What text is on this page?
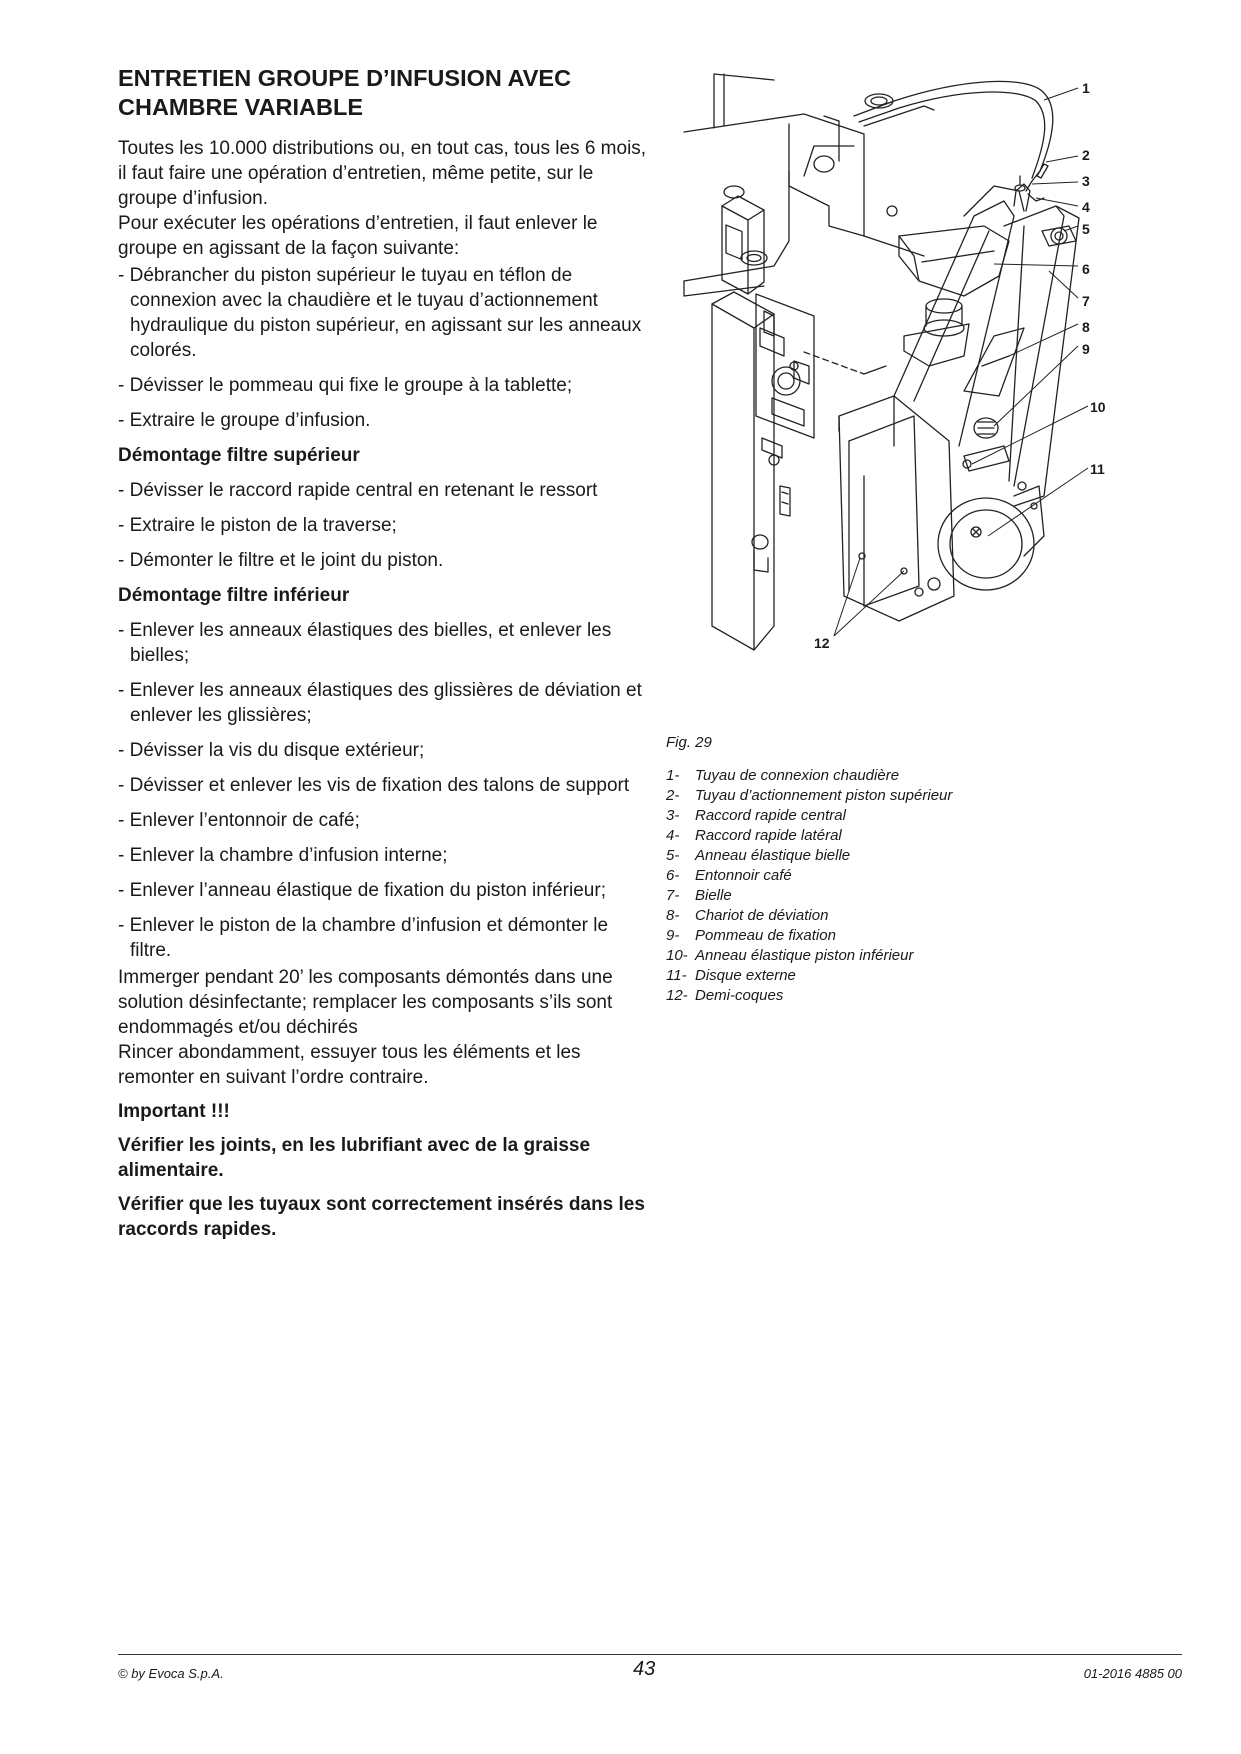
ENTRETIEN GROUPE D’INFUSION AVEC CHAMBRE VARIABLE

Toutes les 10.000 distributions ou, en tout cas, tous les 6 mois, il faut faire une opération d’entretien, même petite, sur le groupe d’infusion.

Pour exécuter les opérations d’entretien, il faut enlever le groupe en agissant de la façon suivante:

- Débrancher du piston supérieur le tuyau en téflon de connexion avec la chaudière et le tuyau d’actionnement hydraulique du piston supérieur, en agissant sur les anneaux colorés.
- Dévisser le pommeau qui fixe le groupe à la tablette;
- Extraire le groupe d’infusion.
Démontage filtre supérieur
- Dévisser le raccord rapide central en retenant le ressort
- Extraire le piston de la traverse;
- Démonter le filtre et le joint du piston.
Démontage filtre inférieur
- Enlever les anneaux élastiques des bielles, et enlever les bielles;
- Enlever les anneaux élastiques des glissières de déviation et enlever les glissières;
- Dévisser la vis du disque extérieur;
- Dévisser et enlever les vis de fixation des talons de support
- Enlever l’entonnoir de café;
- Enlever la chambre d’infusion interne;
- Enlever l’anneau élastique de fixation du piston inférieur;
- Enlever le piston de la chambre d’infusion et démonter le filtre.

Immerger pendant 20’ les composants démontés dans une solution désinfectante; remplacer les composants s’ils sont endommagés et/ou déchirés

Rincer abondamment, essuyer tous les éléments et les remonter en suivant l’ordre contraire.

Important !!!

Vérifier les joints, en les lubrifiant avec de la graisse alimentaire.

Vérifier que les tuyaux sont correctement insérés dans les raccords rapides.

1
2
3
4
5
6
7
8
9
10
11
12
Fig. 29
1- Tuyau de connexion chaudière
2- Tuyau d’actionnement piston supérieur
3- Raccord rapide central
4- Raccord rapide latéral
5- Anneau élastique bielle
6- Entonnoir café
7- Bielle
8- Chariot de déviation
9- Pommeau de fixation
10- Anneau élastique piston inférieur
11- Disque externe
12- Demi-coques
© by Evoca S.p.A.	43	01-2016 4885 00
